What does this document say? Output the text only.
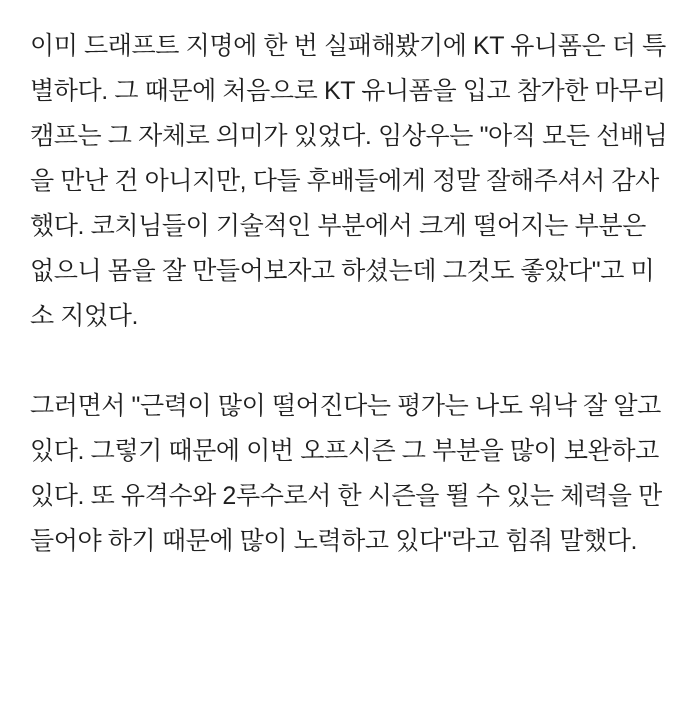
이미 드래프트 지명에 한 번 실패해봤기에 KT 유니폼은 더 특별하다. 그 때문에 처음으로 KT 유니폼을 입고 참가한 마무리 캠프는 그 자체로 의미가 있었다. 임상우는 "아직 모든 선배님을 만난 건 아니지만, 다들 후배들에게 정말 잘해주셔서 감사했다. 코치님들이 기술적인 부분에서 크게 떨어지는 부분은 없으니 몸을 잘 만들어보자고 하셨는데 그것도 좋았다"고 미소 지었다.

그러면서 "근력이 많이 떨어진다는 평가는 나도 워낙 잘 알고 있다. 그렇기 때문에 이번 오프시즌 그 부분을 많이 보완하고 있다. 또 유격수와 2루수로서 한 시즌을 뛸 수 있는 체력을 만들어야 하기 때문에 많이 노력하고 있다"라고 힘줘 말했다.
